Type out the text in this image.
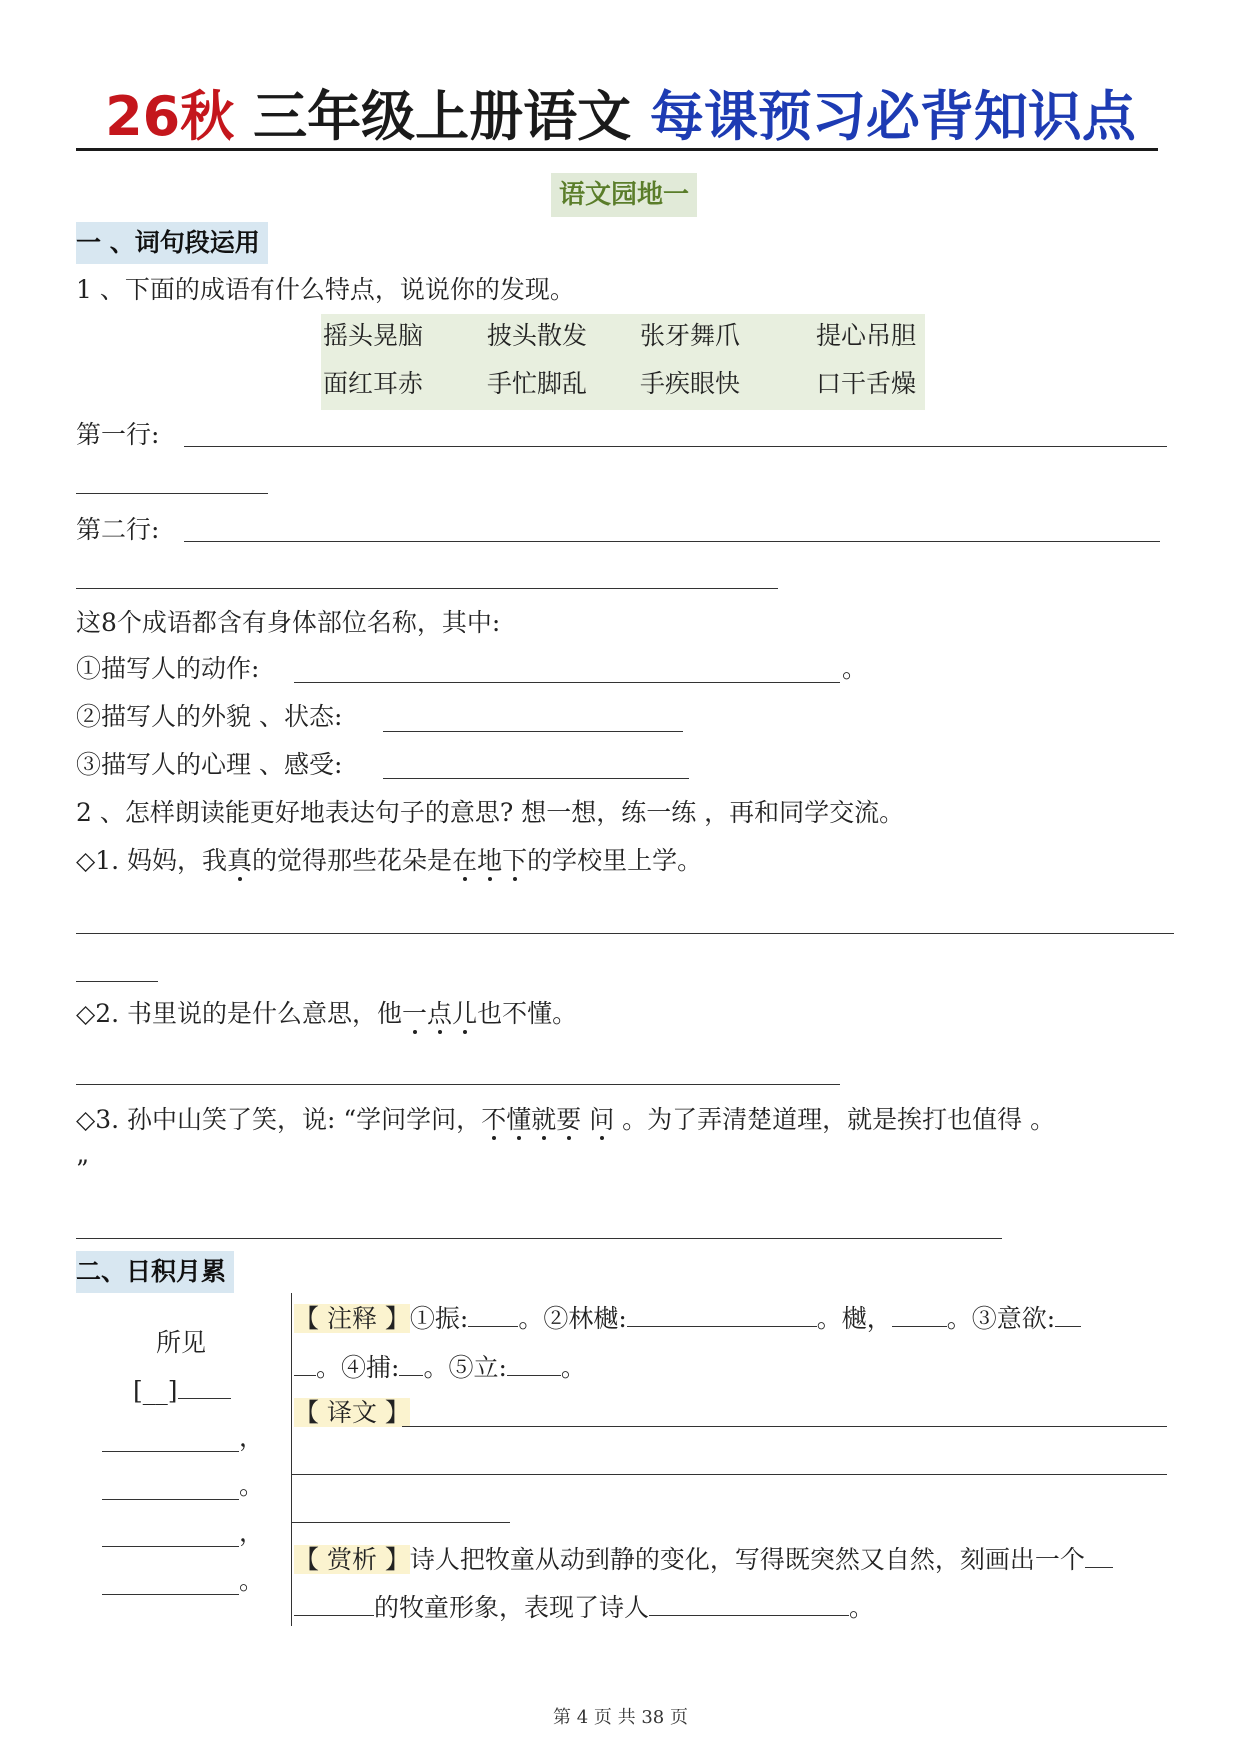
26秋 三年级上册语文 每课预习必背知识点
语文园地一
一 、词句段运用
1 、下面的成语有什么特点，说说你的发现。
摇头晃脑	披头散发 张牙舞爪	提心吊胆
面红耳赤	手忙脚乱 手疾眼快	口干舌燥
第一行:
第二行:
这8个成语都含有身体部位名称，其中:
①描写人的动作:	。
②描写人的外貌 、状态:
③描写人的心理 、感受:
2 、怎样朗读能更好地表达句子的意思? 想一想，练一练 ，再和同学交流。
◇1. 妈妈，我真的觉得那些花朵是在地下的学校里上学。
◇2. 书里说的是什么意思，他一点儿也不懂。
◇3. 孙中山笑了笑，说: “学问学问，不懂就要 问 。为了弄清楚道理，就是挨打也值得 。
”
二、日积月累
所见
[__]
，
。
，
。
【 注释 】①振: 。②林樾:	。樾， 。③意欲:
。④捕: 。⑤立: 。
【 译文 】
【 赏析 】诗人把牧童从动到静的变化，写得既突然又自然，刻画出一个
的牧童形象，表现了诗人	。
第 4 页 共 38 页
